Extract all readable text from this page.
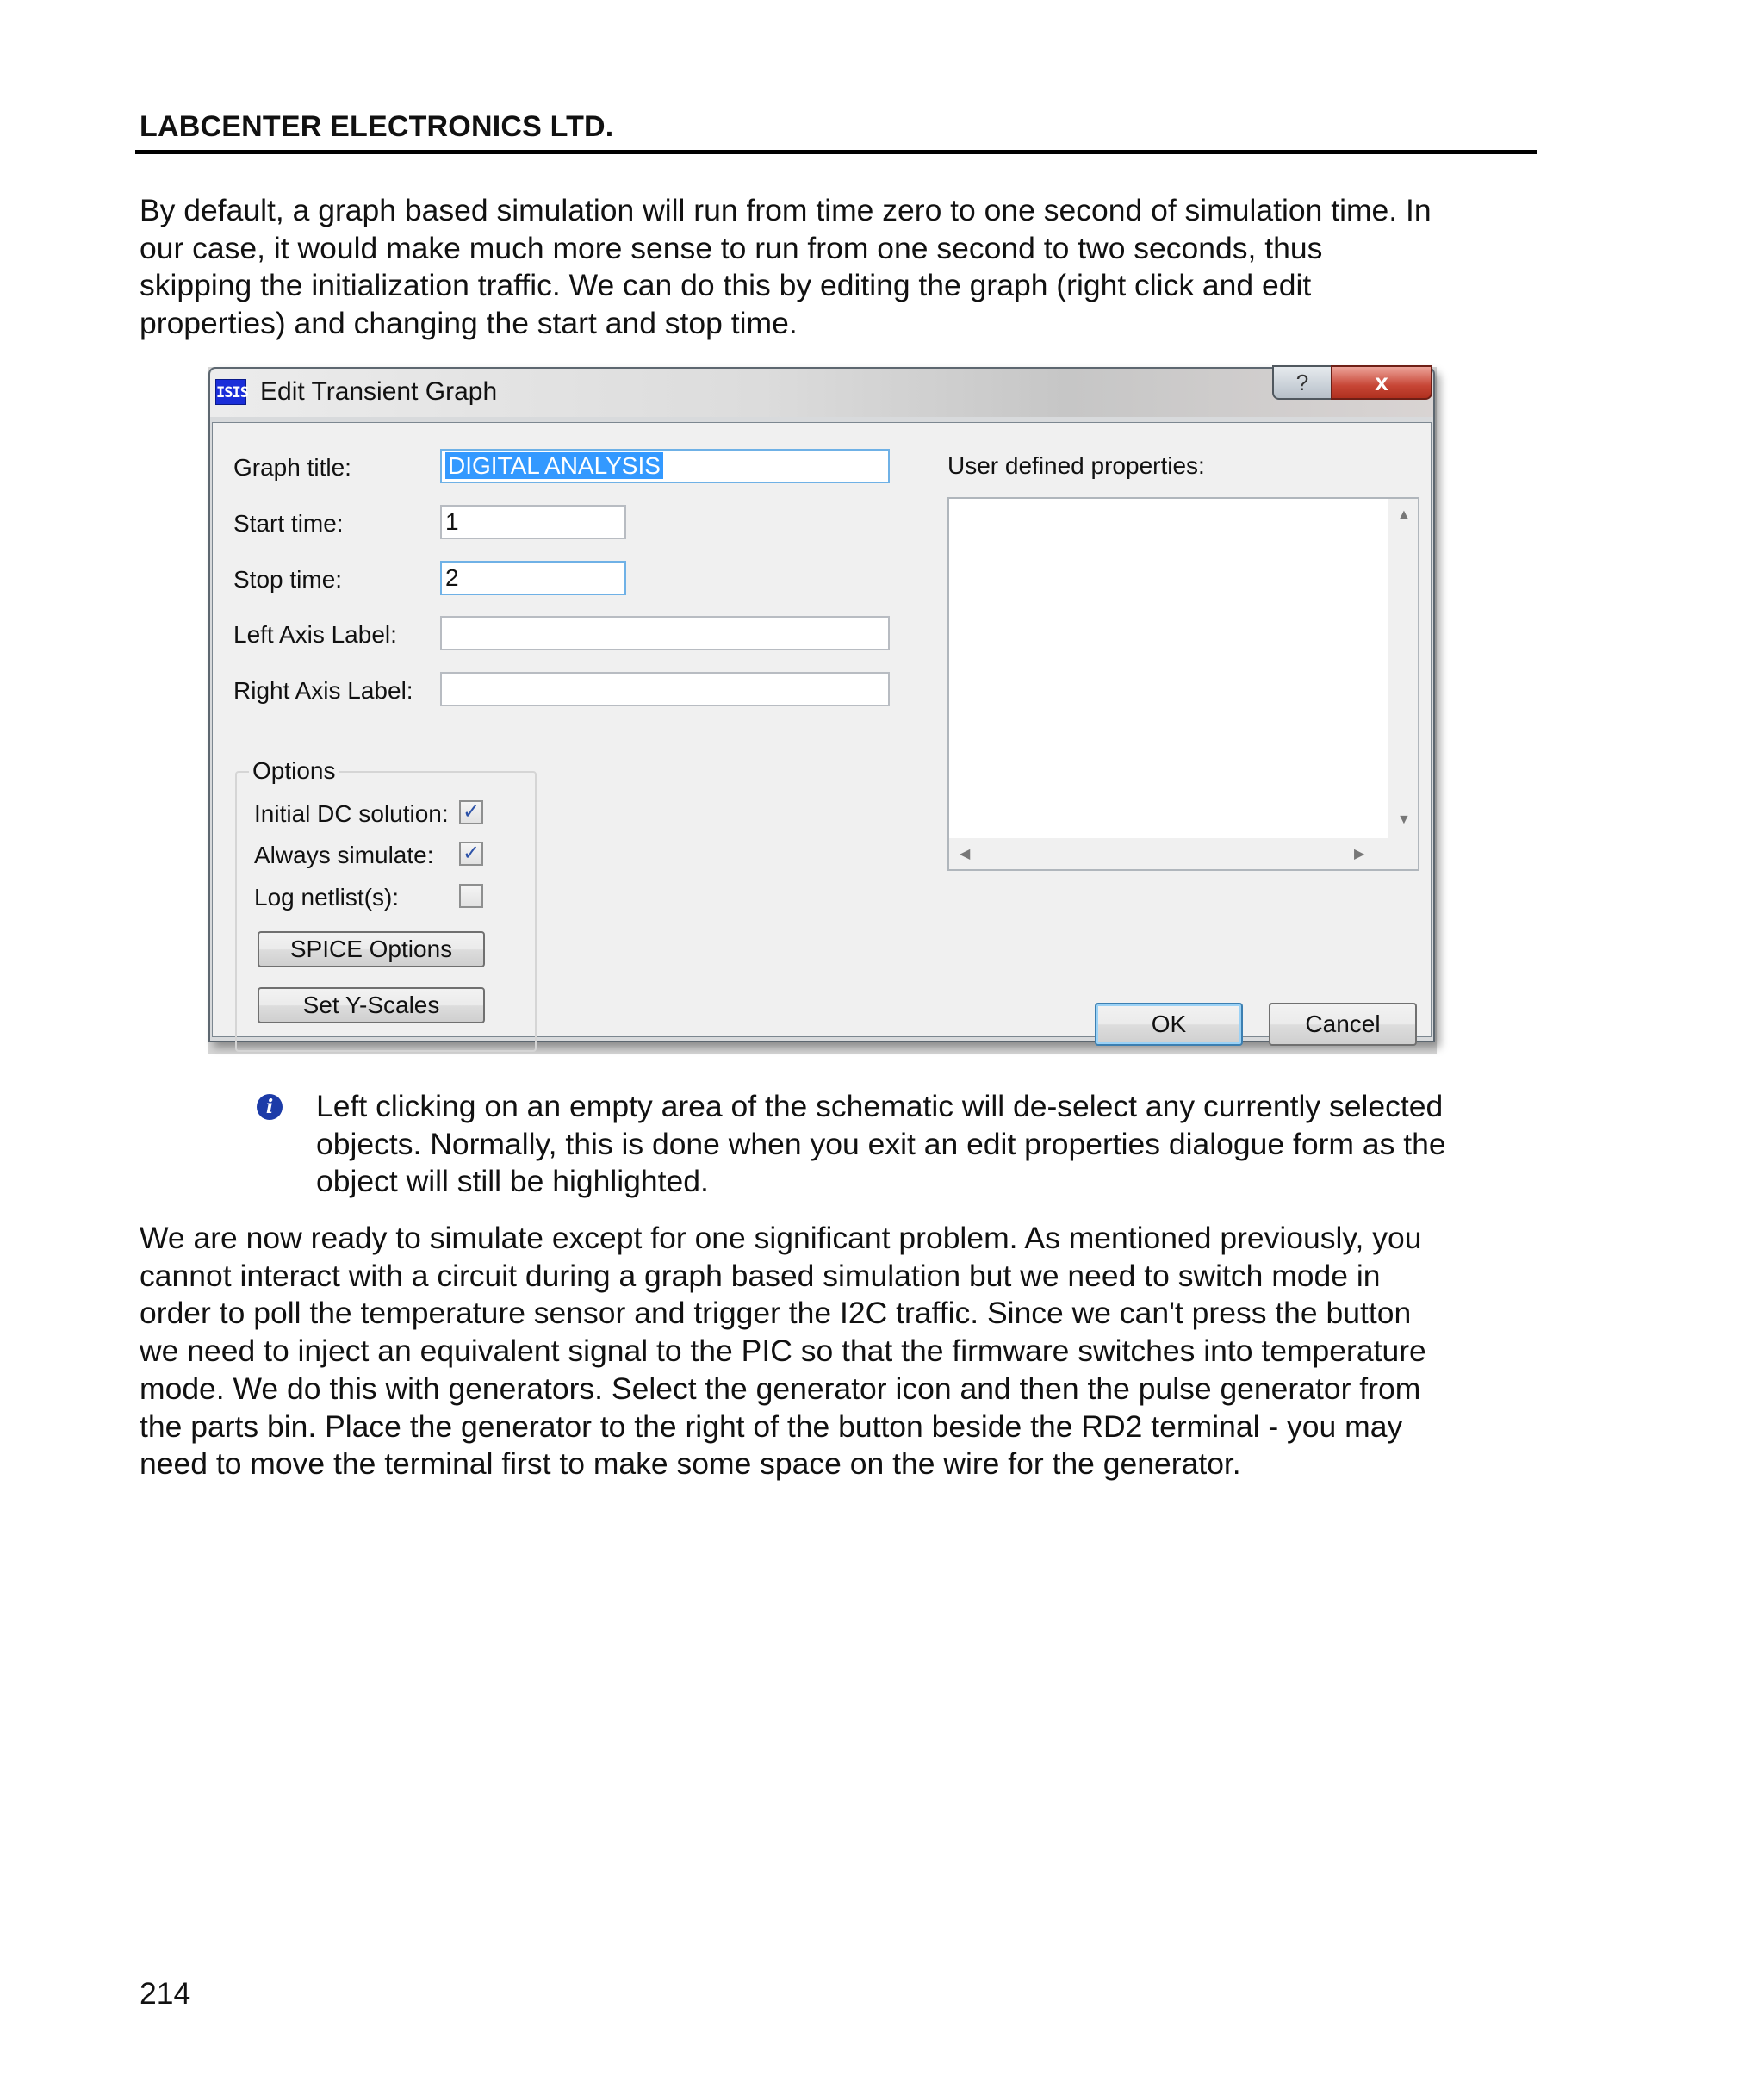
LABCENTER ELECTRONICS LTD.

By default, a graph based simulation will run from time zero to one second of simulation time. In
our case, it would make much more sense to run from one second to two seconds, thus
skipping the initialization traffic. We can do this by editing the graph (right click and edit
properties) and changing the start and stop time.

ISIS Edit Transient Graph	?	x
Graph title:	DIGITAL ANALYSIS
Start time:	1
Stop time:	2
Left Axis Label:
Right Axis Label:
Options
Initial DC solution: ✓
Always simulate: ✓
Log netlist(s):
SPICE Options
Set Y-Scales
User defined properties:
▲
▼
◀	▶
OK	Cancel
i	Left clicking on an empty area of the schematic will de-select any currently selected
objects. Normally, this is done when you exit an edit properties dialogue form as the
object will still be highlighted.

We are now ready to simulate except for one significant problem. As mentioned previously, you
cannot interact with a circuit during a graph based simulation but we need to switch mode in
order to poll the temperature sensor and trigger the I2C traffic. Since we can't press the button
we need to inject an equivalent signal to the PIC so that the firmware switches into temperature
mode. We do this with generators. Select the generator icon and then the pulse generator from
the parts bin. Place the generator to the right of the button beside the RD2 terminal - you may
need to move the terminal first to make some space on the wire for the generator.

214
